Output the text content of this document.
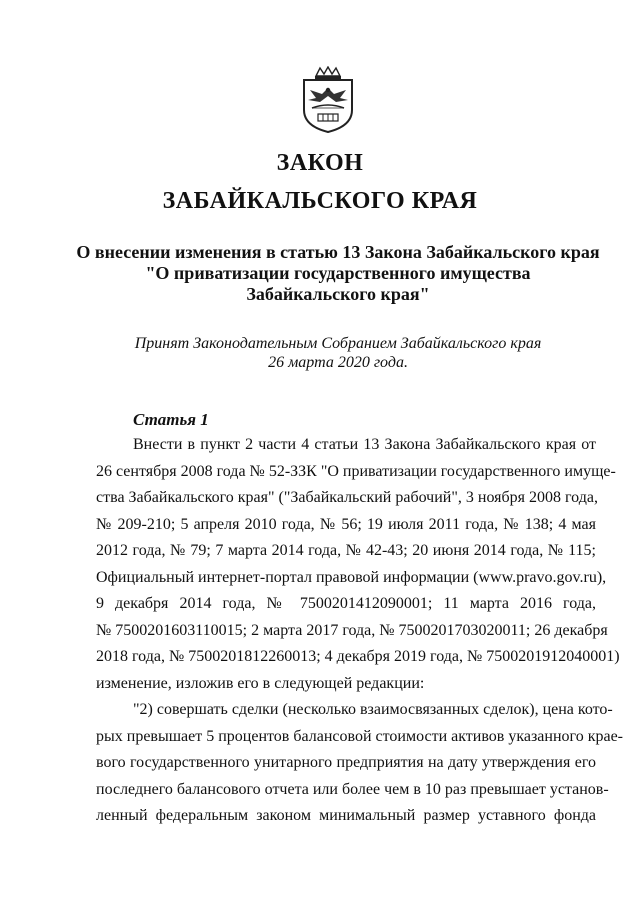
ЗАКОН
ЗАБАЙКАЛЬСКОГО КРАЯ
О внесении изменения в статью 13 Закона Забайкальского края
"О приватизации государственного имущества
Забайкальского края"
Принят Законодательным Собранием Забайкальского края
26 марта 2020 года.
Статья 1
Внести в пункт 2 части 4 статьи 13 Закона Забайкальского края от
26 сентября 2008 года № 52-ЗЗК "О приватизации государственного имуще-
ства Забайкальского края" ("Забайкальский рабочий", 3 ноября 2008 года,
№ 209-210; 5 апреля 2010 года, № 56; 19 июля 2011 года, № 138; 4 мая
2012 года, № 79; 7 марта 2014 года, № 42-43; 20 июня 2014 года, № 115;
Официальный интернет-портал правовой информации (www.pravo.gov.ru),
9 декабря 2014 года, № 7500201412090001; 11 марта 2016 года,
№ 7500201603110015; 2 марта 2017 года, № 7500201703020011; 26 декабря
2018 года, № 7500201812260013; 4 декабря 2019 года, № 7500201912040001)
изменение, изложив его в следующей редакции:
"2) совершать сделки (несколько взаимосвязанных сделок), цена кото-
рых превышает 5 процентов балансовой стоимости активов указанного крае-
вого государственного унитарного предприятия на дату утверждения его
последнего балансового отчета или более чем в 10 раз превышает установ-
ленный федеральным законом минимальный размер уставного фонда
